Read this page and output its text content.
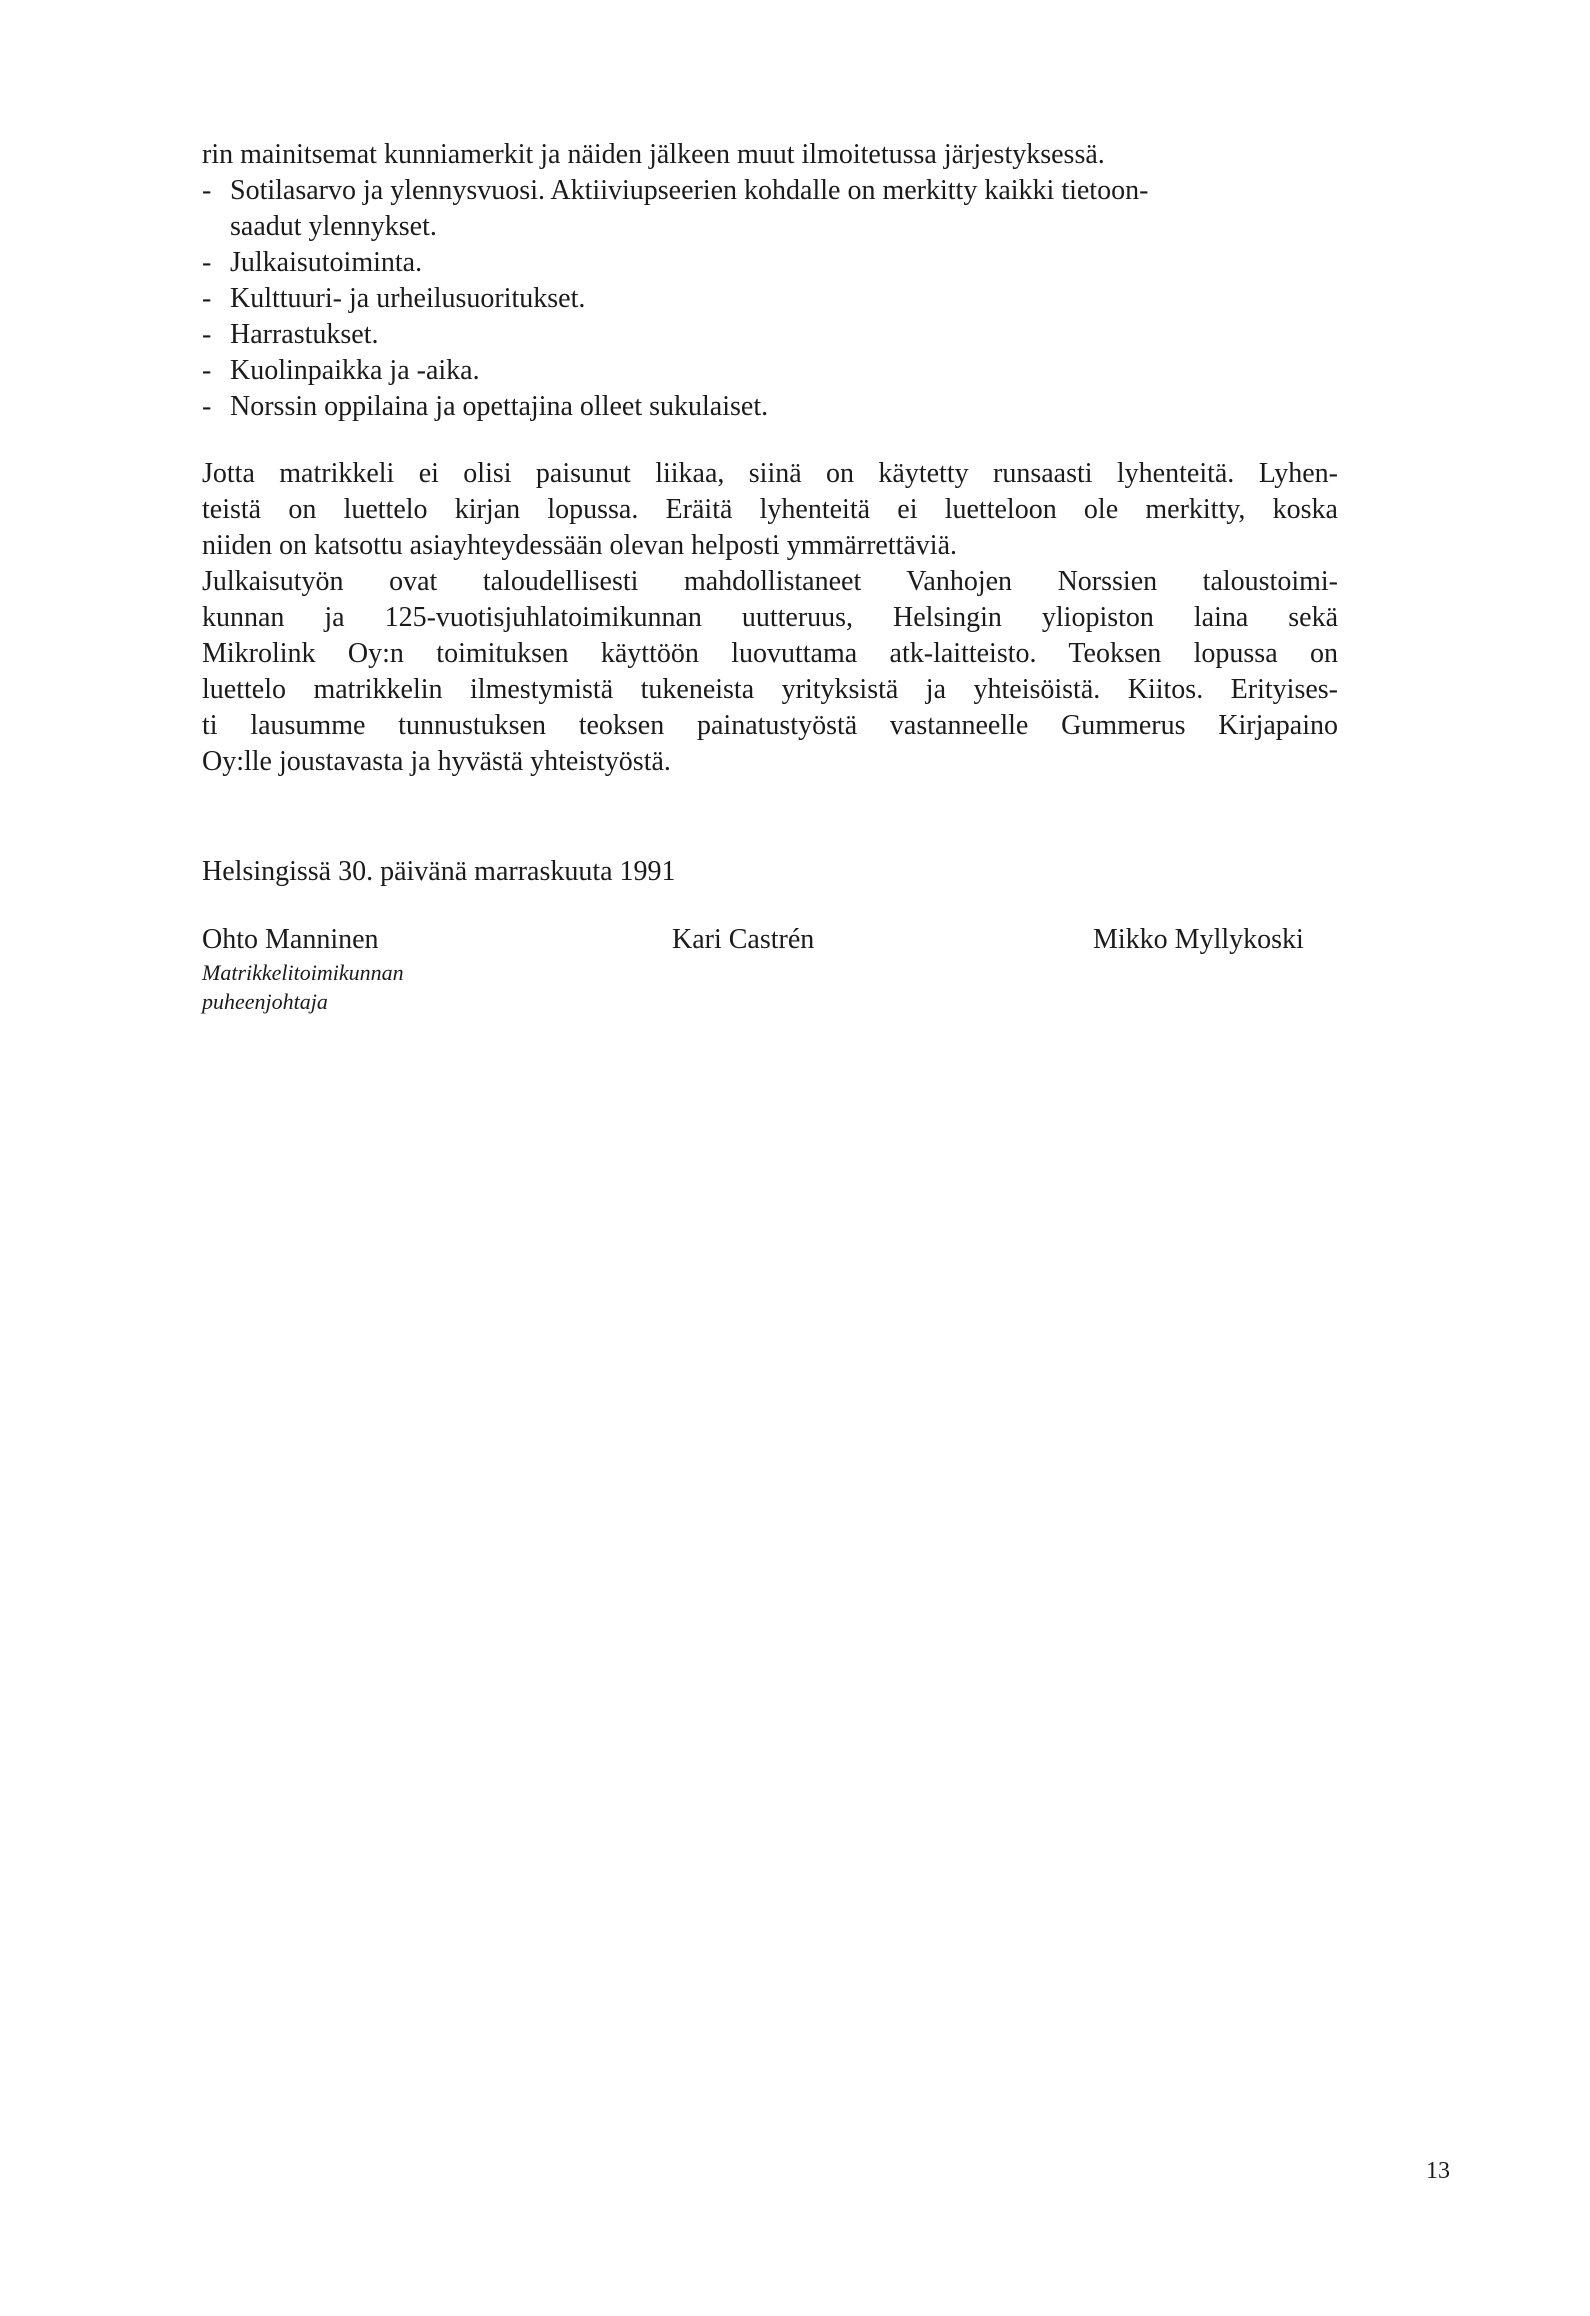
rin mainitsemat kunniamerkit ja näiden jälkeen muut ilmoitetussa järjestyksessä.
- Sotilasarvo ja ylennysvuosi. Aktiiviupseerien kohdalle on merkitty kaikki tietoon-
saadut ylennykset.
- Julkaisutoiminta.
- Kulttuuri- ja urheilusuoritukset.
- Harrastukset.
- Kuolinpaikka ja -aika.
- Norssin oppilaina ja opettajina olleet sukulaiset.
Jotta matrikkeli ei olisi paisunut liikaa, siinä on käytetty runsaasti lyhenteitä. Lyhen-
teistä on luettelo kirjan lopussa. Eräitä lyhenteitä ei luetteloon ole merkitty, koska
niiden on katsottu asiayhteydessään olevan helposti ymmärrettäviä.
Julkaisutyön ovat taloudellisesti mahdollistaneet Vanhojen Norssien taloustoimi-
kunnan ja 125-vuotisjuhlatoimikunnan uutteruus, Helsingin yliopiston laina sekä
Mikrolink Oy:n toimituksen käyttöön luovuttama atk-laitteisto. Teoksen lopussa on
luettelo matrikkelin ilmestymistä tukeneista yrityksistä ja yhteisöistä. Kiitos. Erityises-
ti lausumme tunnustuksen teoksen painatustyöstä vastanneelle Gummerus Kirjapaino
Oy:lle joustavasta ja hyvästä yhteistyöstä.
Helsingissä 30. päivänä marraskuuta 1991
Ohto Manninen
Matrikkelitoimikunnan
puheenjohtaja
Kari Castrén	Mikko Myllykoski
13
